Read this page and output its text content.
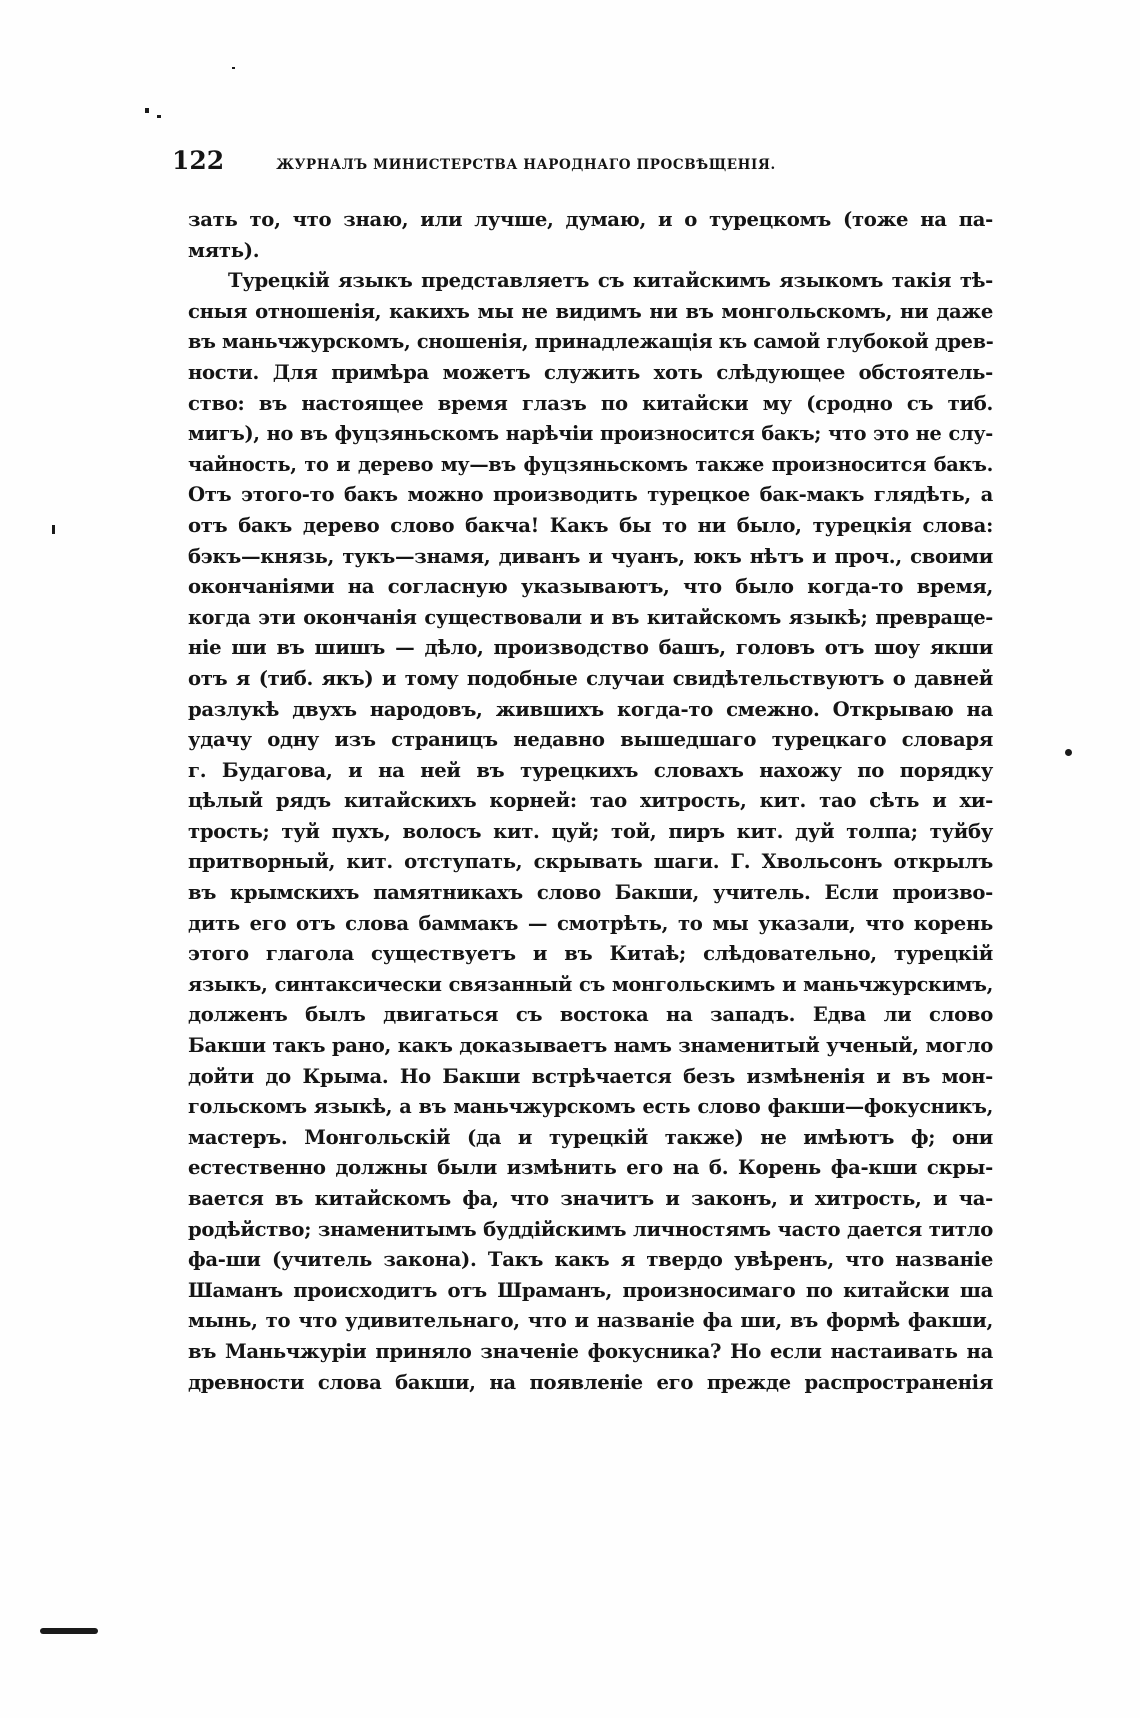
122	ЖУРНАЛЪ МИНИСТЕРСТВА НАРОДНАГО ПРОСВѢЩЕНІЯ.
зать то, что знаю, или лучше, думаю, и о турецкомъ (тоже на па-
мять).
Турецкій языкъ представляетъ съ китайскимъ языкомъ такія тѣ-
сныя отношенія, какихъ мы не видимъ ни въ монгольскомъ, ни даже
въ маньчжурскомъ, сношенія, принадлежащія къ самой глубокой древ-
ности. Для примѣра можетъ служить хоть слѣдующее обстоятель-
ство: въ настоящее время глазъ по китайски му (сродно съ тиб.
мигъ), но въ фуцзяньскомъ нарѣчіи произносится бакъ; что это не слу-
чайность, то и дерево му—въ фуцзяньскомъ также произносится бакъ.
Отъ этого-то бакъ можно производить турецкое бак-макъ глядѣть, а
отъ бакъ дерево слово бакча! Какъ бы то ни было, турецкія слова:
бэкъ—князь, тукъ—знамя, диванъ и чуанъ, юкъ нѣтъ и проч., своими
окончаніями на согласную указываютъ, что было когда-то время,
когда эти окончанія существовали и въ китайскомъ языкѣ; превраще-
ніе ши въ шишъ — дѣло, производство башъ, головъ отъ шоу якши
отъ я (тиб. якъ) и тому подобные случаи свидѣтельствуютъ о давней
разлукѣ двухъ народовъ, жившихъ когда-то смежно. Открываю на
удачу одну изъ страницъ недавно вышедшаго турецкаго словаря
г. Будагова, и на ней въ турецкихъ словахъ нахожу по порядку
цѣлый рядъ китайскихъ корней: тао хитрость, кит. тао сѣть и хи-
трость; туй пухъ, волосъ кит. цуй; той, пиръ кит. дуй толпа; туйбу
притворный, кит. отступать, скрывать шаги. Г. Хвольсонъ открылъ
въ крымскихъ памятникахъ слово Бакши, учитель. Если произво-
дить его отъ слова баммакъ — смотрѣть, то мы указали, что корень
этого глагола существуетъ и въ Китаѣ; слѣдовательно, турецкій
языкъ, синтаксически связанный съ монгольскимъ и маньчжурскимъ,
долженъ былъ двигаться съ востока на западъ. Едва ли слово
Бакши такъ рано, какъ доказываетъ намъ знаменитый ученый, могло
дойти до Крыма. Но Бакши встрѣчается безъ измѣненія и въ мон-
гольскомъ языкѣ, а въ маньчжурскомъ есть слово факши—фокусникъ,
мастеръ. Монгольскій (да и турецкій также) не имѣютъ ф; они
естественно должны были измѣнить его на б. Корень фа-кши скры-
вается въ китайскомъ фа, что значитъ и законъ, и хитрость, и ча-
родѣйство; знаменитымъ буддійскимъ личностямъ часто дается титло
фа-ши (учитель закона). Такъ какъ я твердо увѣренъ, что названіе
Шаманъ происходитъ отъ Шраманъ, произносимаго по китайски ша
мынь, то что удивительнаго, что и названіе фа ши, въ формѣ факши,
въ Маньчжуріи приняло значеніе фокусника? Но если настаивать на
древности слова бакши, на появленіе его прежде распространенія
